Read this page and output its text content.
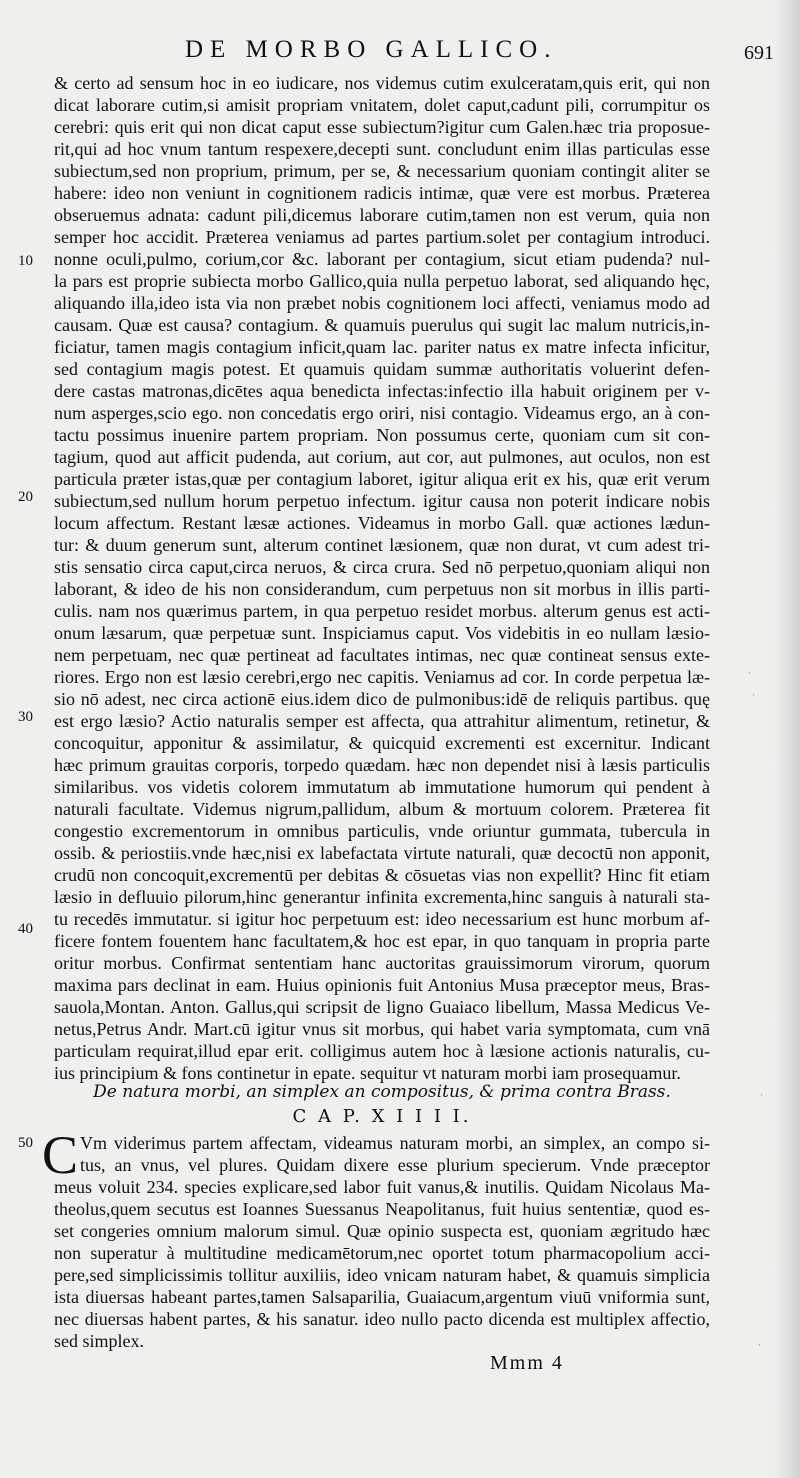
DE MORBO GALLICO.	691
10
20
30
40
50
& certo ad sensum hoc in eo iudicare, nos videmus cutim exulceratam,quis erit, qui non
dicat laborare cutim,si amisit propriam vnitatem, dolet caput,cadunt pili, corrumpitur os
cerebri: quis erit qui non dicat caput esse subiectum?igitur cum Galen.hæc tria proposue-
rit,qui ad hoc vnum tantum respexere,decepti sunt. concludunt enim illas particulas esse
subiectum,sed non proprium, primum, per se, & necessarium quoniam contingit aliter se
habere: ideo non veniunt in cognitionem radicis intimæ, quæ vere est morbus. Præterea
obseruemus adnata: cadunt pili,dicemus laborare cutim,tamen non est verum, quia non
semper hoc accidit. Præterea veniamus ad partes partium.solet per contagium introduci.
nonne oculi,pulmo, corium,cor &c. laborant per contagium, sicut etiam pudenda? nul-
la pars est proprie subiecta morbo Gallico,quia nulla perpetuo laborat, sed aliquando hęc,
aliquando illa,ideo ista via non præbet nobis cognitionem loci affecti, veniamus modo ad
causam. Quæ est causa? contagium. & quamuis puerulus qui sugit lac malum nutricis,in-
ficiatur, tamen magis contagium inficit,quam lac. pariter natus ex matre infecta inficitur,
sed contagium magis potest. Et quamuis quidam summæ authoritatis voluerint defen-
dere castas matronas,dicētes aqua benedicta infectas:infectio illa habuit originem per v-
num asperges,scio ego. non concedatis ergo oriri, nisi contagio. Videamus ergo, an à con-
tactu possimus inuenire partem propriam. Non possumus certe, quoniam cum sit con-
tagium, quod aut afficit pudenda, aut corium, aut cor, aut pulmones, aut oculos, non est
particula præter istas,quæ per contagium laboret, igitur aliqua erit ex his, quæ erit verum
subiectum,sed nullum horum perpetuo infectum. igitur causa non poterit indicare nobis
locum affectum. Restant læsæ actiones. Videamus in morbo Gall. quæ actiones lædun-
tur: & duum generum sunt, alterum continet læsionem, quæ non durat, vt cum adest tri-
stis sensatio circa caput,circa neruos, & circa crura. Sed nō perpetuo,quoniam aliqui non
laborant, & ideo de his non considerandum, cum perpetuus non sit morbus in illis parti-
culis. nam nos quærimus partem, in qua perpetuo residet morbus. alterum genus est acti-
onum læsarum, quæ perpetuæ sunt. Inspiciamus caput. Vos videbitis in eo nullam læsio-
nem perpetuam, nec quæ pertineat ad facultates intimas, nec quæ contineat sensus exte-
riores. Ergo non est læsio cerebri,ergo nec capitis. Veniamus ad cor. In corde perpetua læ-
sio nō adest, nec circa actionē eius.idem dico de pulmonibus:idē de reliquis partibus. quę
est ergo læsio? Actio naturalis semper est affecta, qua attrahitur alimentum, retinetur, &
concoquitur, apponitur & assimilatur, & quicquid excrementi est excernitur. Indicant
hæc primum grauitas corporis, torpedo quædam. hæc non dependet nisi à læsis particulis
similaribus. vos videtis colorem immutatum ab immutatione humorum qui pendent à
naturali facultate. Videmus nigrum,pallidum, album & mortuum colorem. Præterea fit
congestio excrementorum in omnibus particulis, vnde oriuntur gummata, tubercula in
ossib. & periostiis.vnde hæc,nisi ex labefactata virtute naturali, quæ decoctū non apponit,
crudū non concoquit,excrementū per debitas & cōsuetas vias non expellit? Hinc fit etiam
læsio in defluuio pilorum,hinc generantur infinita excrementa,hinc sanguis à naturali sta-
tu recedēs immutatur. si igitur hoc perpetuum est: ideo necessarium est hunc morbum af-
ficere fontem fouentem hanc facultatem,& hoc est epar, in quo tanquam in propria parte
oritur morbus. Confirmat sententiam hanc auctoritas grauissimorum virorum, quorum
maxima pars declinat in eam. Huius opinionis fuit Antonius Musa præceptor meus, Bras-
sauola,Montan. Anton. Gallus,qui scripsit de ligno Guaiaco libellum, Massa Medicus Ve-
netus,Petrus Andr. Mart.cū igitur vnus sit morbus, qui habet varia symptomata, cum vnā
particulam requirat,illud epar erit. colligimus autem hoc à læsione actionis naturalis, cu-
ius principium & fons continetur in epate. sequitur vt naturam morbi iam prosequamur.
De natura morbi, an simplex an compositus, & prima contra Brass.
C A P. X I I I I.
C Vm viderimus partem affectam, videamus naturam morbi, an simplex, an compo si-
tus, an vnus, vel plures. Quidam dixere esse plurium specierum. Vnde præceptor
meus voluit 234. species explicare,sed labor fuit vanus,& inutilis. Quidam Nicolaus Ma-
theolus,quem secutus est Ioannes Suessanus Neapolitanus, fuit huius sententiæ, quod es-
set congeries omnium malorum simul. Quæ opinio suspecta est, quoniam ægritudo hæc
non superatur à multitudine medicamētorum,nec oportet totum pharmacopolium acci-
pere,sed simplicissimis tollitur auxiliis, ideo vnicam naturam habet, & quamuis simplicia
ista diuersas habeant partes,tamen Salsaparilia, Guaiacum,argentum viuū vniformia sunt,
nec diuersas habent partes, & his sanatur. ideo nullo pacto dicenda est multiplex affectio,
sed simplex.
Mmm 4
·
·
·
·
